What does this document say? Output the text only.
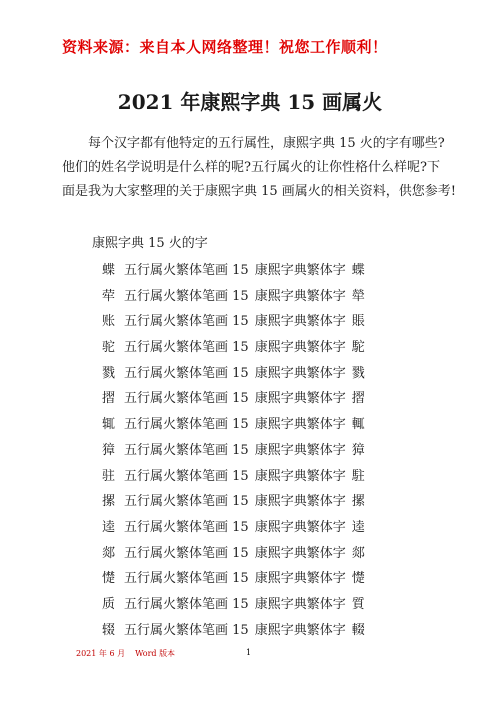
资料来源：来自本人网络整理！祝您工作顺利！
2021 年康熙字典 15 画属火
每个汉字都有他特定的五行属性，康熙字典 15 火的字有哪些?
他们的姓名学说明是什么样的呢?五行属火的让你性格什么样呢?下
面是我为大家整理的关于康熙字典 15 画属火的相关资料，供您参考!
康熙字典 15 火的字
蝶 五行属火繁体笔画 15 康熙字典繁体字 蝶
荦 五行属火繁体笔画 15 康熙字典繁体字 犖
账 五行属火繁体笔画 15 康熙字典繁体字 賬
驼 五行属火繁体笔画 15 康熙字典繁体字 駝
戮 五行属火繁体笔画 15 康熙字典繁体字 戮
摺 五行属火繁体笔画 15 康熙字典繁体字 摺
辄 五行属火繁体笔画 15 康熙字典繁体字 輒
獐 五行属火繁体笔画 15 康熙字典繁体字 獐
驻 五行属火繁体笔画 15 康熙字典繁体字 駐
摞 五行属火繁体笔画 15 康熙字典繁体字 摞
逵 五行属火繁体笔画 15 康熙字典繁体字 逵
郯 五行属火繁体笔画 15 康熙字典繁体字 郯
憷 五行属火繁体笔画 15 康熙字典繁体字 憷
质 五行属火繁体笔画 15 康熙字典繁体字 質
辍 五行属火繁体笔画 15 康熙字典繁体字 輟
2021 年 6 月 Word 版本	1
